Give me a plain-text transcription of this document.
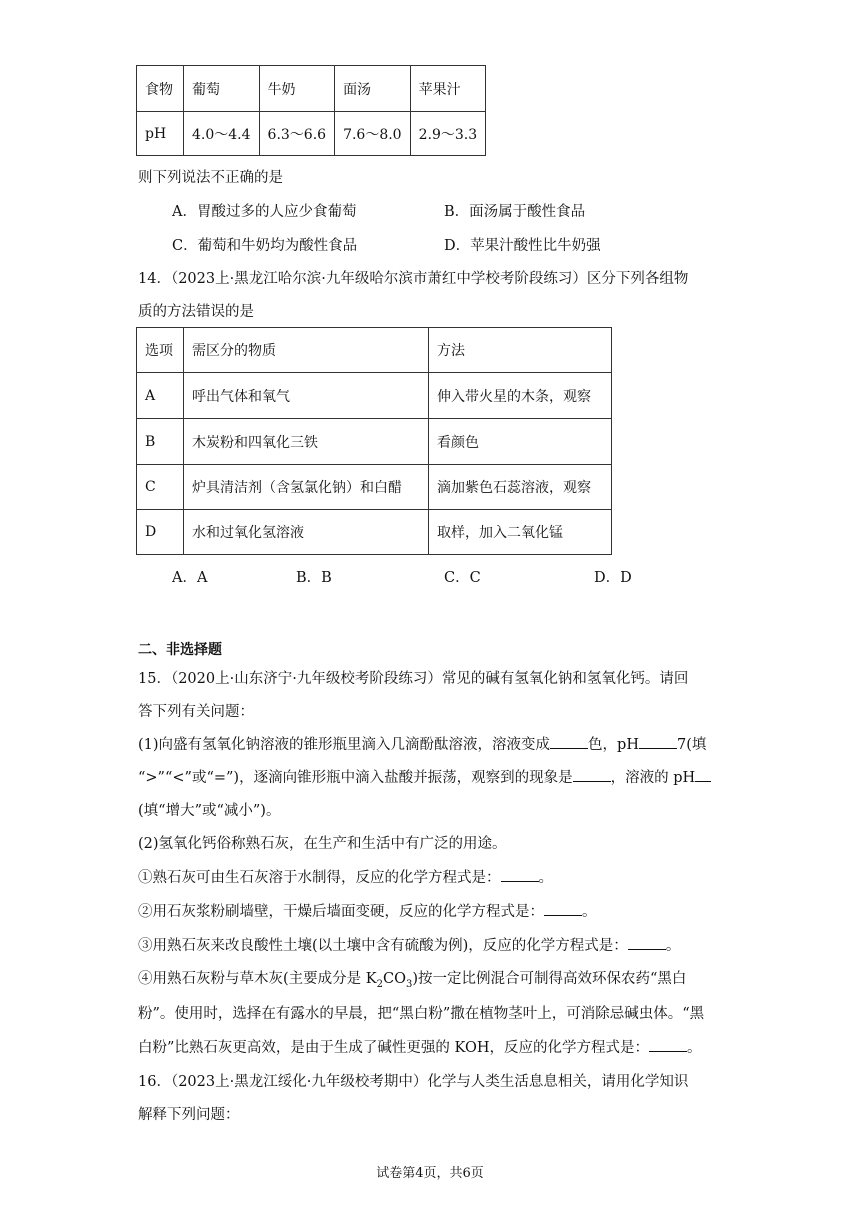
食物	葡萄	牛奶	面汤	苹果汁
pH	4.0～4.4	6.3～6.6	7.6～8.0	2.9～3.3
则下列说法不正确的是
A．胃酸过多的人应少食葡萄	B．面汤属于酸性食品
C．葡萄和牛奶均为酸性食品	D．苹果汁酸性比牛奶强
14．（2023上·黑龙江哈尔滨·九年级哈尔滨市萧红中学校考阶段练习）区分下列各组物
质的方法错误的是
选项	需区分的物质	方法
A	呼出气体和氧气	伸入带火星的木条，观察
B	木炭粉和四氧化三铁	看颜色
C	炉具清洁剂（含氢氯化钠）和白醋	滴加紫色石蕊溶液，观察
D	水和过氧化氢溶液	取样，加入二氧化锰
A．A	B．B	C．C	D．D
二、非选择题
15．（2020上·山东济宁·九年级校考阶段练习）常见的碱有氢氧化钠和氢氧化钙。请回
答下列有关问题：
(1)向盛有氢氧化钠溶液的锥形瓶里滴入几滴酚酞溶液，溶液变成	色，pH	7(填
“>”“<”或“=”)，逐滴向锥形瓶中滴入盐酸并振荡，观察到的现象是	，溶液的 pH
(填“增大”或“减小”)。
(2)氢氧化钙俗称熟石灰，在生产和生活中有广泛的用途。
①熟石灰可由生石灰溶于水制得，反应的化学方程式是：	。
②用石灰浆粉刷墙壁，干燥后墙面变硬，反应的化学方程式是：	。
③用熟石灰来改良酸性土壤(以土壤中含有硫酸为例)，反应的化学方程式是：	。
④用熟石灰粉与草木灰(主要成分是 $K_2CO_3$)按一定比例混合可制得高效环保农药“黑白
粉”。使用时，选择在有露水的早晨，把“黑白粉”撒在植物茎叶上，可消除忌碱虫体。“黑
白粉”比熟石灰更高效，是由于生成了碱性更强的 KOH，反应的化学方程式是：	。
16．（2023上·黑龙江绥化·九年级校考期中）化学与人类生活息息相关，请用化学知识
解释下列问题：
试卷第4页，共6页
